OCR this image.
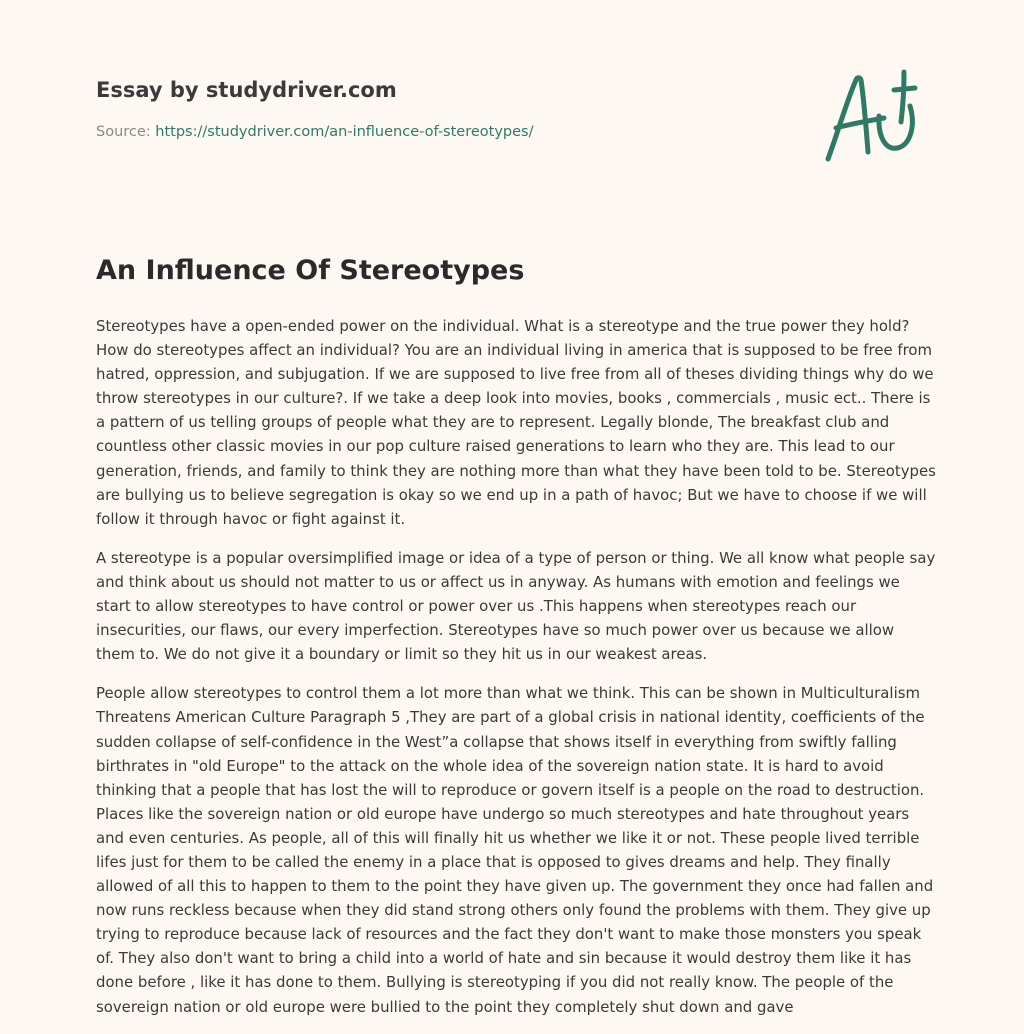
Essay by studydriver.com
Source: https://studydriver.com/an-influence-of-stereotypes/
An Influence Of Stereotypes

Stereotypes have a open-ended power on the individual. What is a stereotype and the true power they hold? How do stereotypes affect an individual? You are an individual living in america that is supposed to be free from hatred, oppression, and subjugation. If we are supposed to live free from all of theses dividing things why do we throw stereotypes in our culture?. If we take a deep look into movies, books , commercials , music ect.. There is a pattern of us telling groups of people what they are to represent. Legally blonde, The breakfast club and countless other classic movies in our pop culture raised generations to learn who they are. This lead to our generation, friends, and family to think they are nothing more than what they have been told to be. Stereotypes are bullying us to believe segregation is okay so we end up in a path of havoc; But we have to choose if we will follow it through havoc or fight against it.

A stereotype is a popular oversimplified image or idea of a type of person or thing. We all know what people say and think about us should not matter to us or affect us in anyway. As humans with emotion and feelings we start to allow stereotypes to have control or power over us .This happens when stereotypes reach our insecurities, our flaws, our every imperfection. Stereotypes have so much power over us because we allow them to. We do not give it a boundary or limit so they hit us in our weakest areas.

People allow stereotypes to control them a lot more than what we think. This can be shown in Multiculturalism Threatens American Culture Paragraph 5 ,They are part of a global crisis in national identity, coefficients of the sudden collapse of self-confidence in the West”a collapse that shows itself in everything from swiftly falling birthrates in "old Europe" to the attack on the whole idea of the sovereign nation state. It is hard to avoid thinking that a people that has lost the will to reproduce or govern itself is a people on the road to destruction. Places like the sovereign nation or old europe have undergo so much stereotypes and hate throughout years and even centuries. As people, all of this will finally hit us whether we like it or not. These people lived terrible lifes just for them to be called the enemy in a place that is opposed to gives dreams and help. They finally allowed of all this to happen to them to the point they have given up. The government they once had fallen and now runs reckless because when they did stand strong others only found the problems with them. They give up trying to reproduce because lack of resources and the fact they don't want to make those monsters you speak of. They also don't want to bring a child into a world of hate and sin because it would destroy them like it has done before , like it has done to them. Bullying is stereotyping if you did not really know. The people of the sovereign nation or old europe were bullied to the point they completely shut down and gave
